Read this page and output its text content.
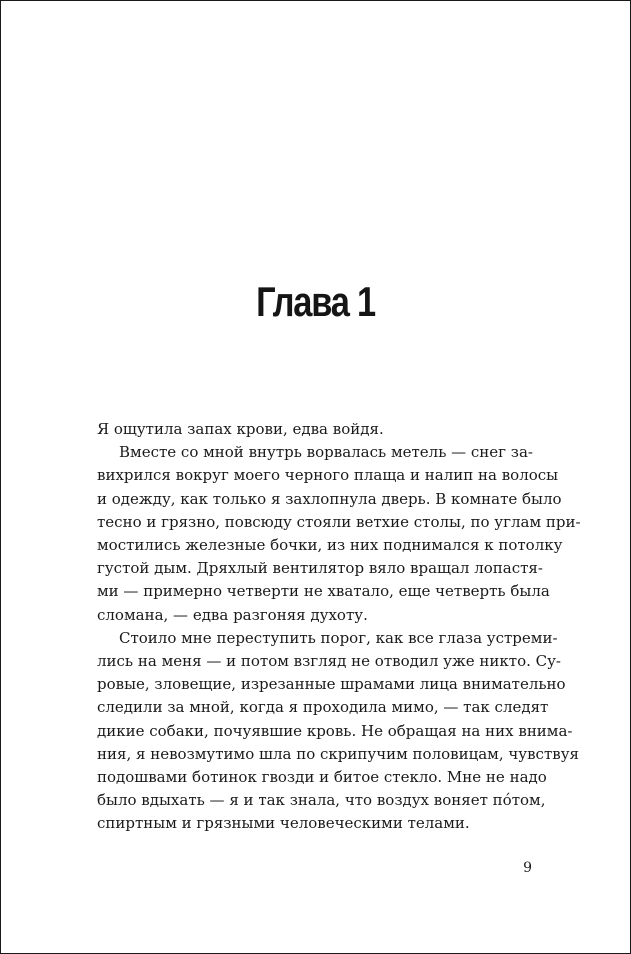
Глава 1

Я ощутила запах крови, едва войдя.

Вместе со мной внутрь ворвалась метель — снег за-
вихрился вокруг моего черного плаща и налип на волосы
и одежду, как только я захлопнула дверь. В комнате было
тесно и грязно, повсюду стояли ветхие столы, по углам при-
мостились железные бочки, из них поднимался к потолку
густой дым. Дряхлый вентилятор вяло вращал лопастя-
ми — примерно четверти не хватало, еще четверть была
сломана, — едва разгоняя духоту.

Стоило мне переступить порог, как все глаза устреми-
лись на меня — и потом взгляд не отводил уже никто. Су-
ровые, зловещие, изрезанные шрамами лица внимательно
следили за мной, когда я проходила мимо, — так следят
дикие собаки, почуявшие кровь. Не обращая на них внима-
ния, я невозмутимо шла по скрипучим половицам, чувствуя
подошвами ботинок гвозди и битое стекло. Мне не надо
было вдыхать — я и так знала, что воздух воняет пóтом,
спиртным и грязными человеческими телами.

9
